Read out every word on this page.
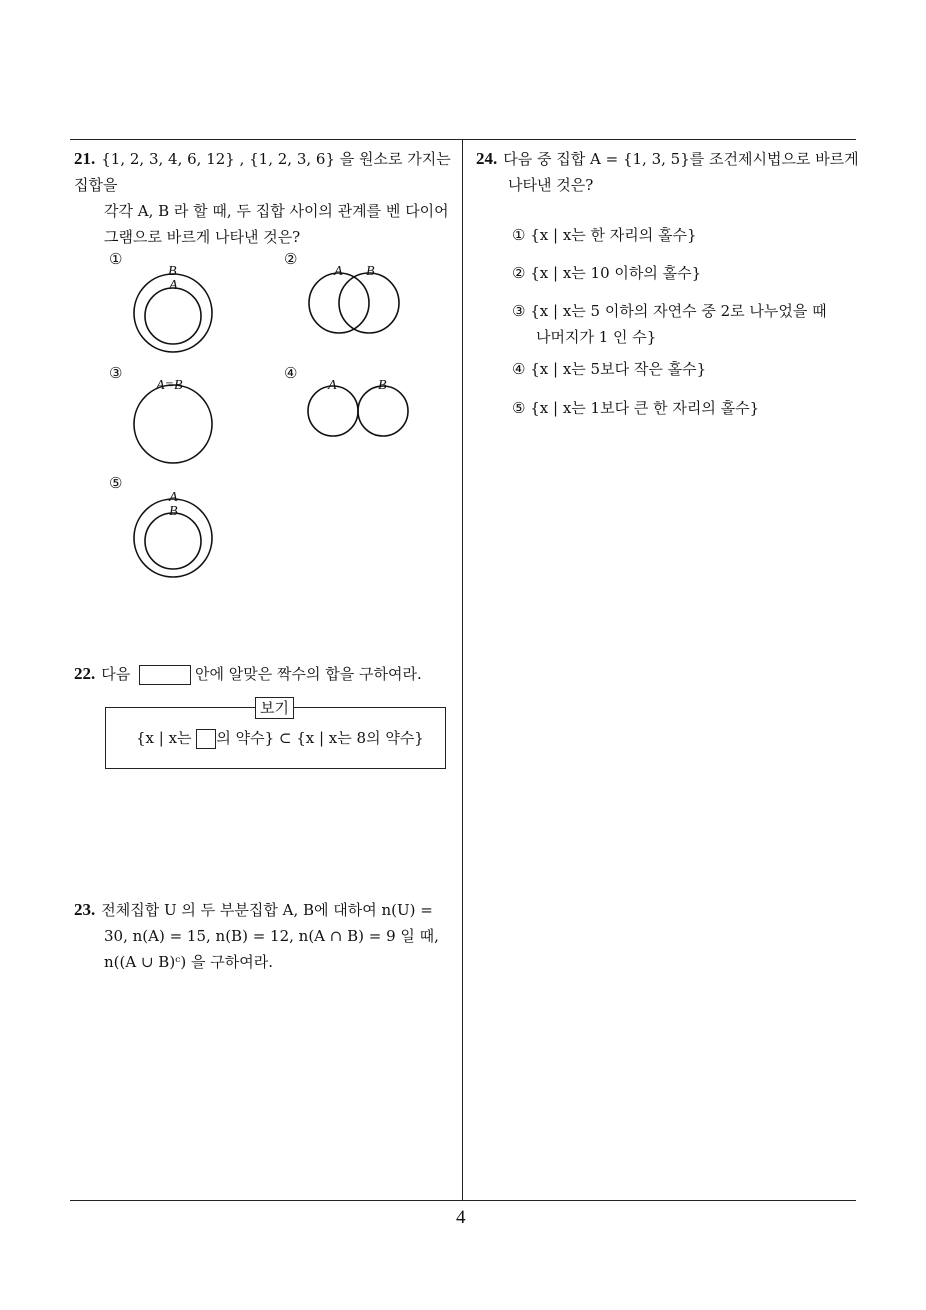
21. {1, 2, 3, 4, 6, 12} , {1, 2, 3, 6} 을 원소로 가지는 집합을
각각 A, B 라 할 때, 두 집합 사이의 관계를 벤 다이어
그램으로 바르게 나타낸 것은?
①
B
A
②
A B
③
A=B
④
A	B
⑤
A
B
22. 다음	안에 알맞은 짝수의 합을 구하여라.
보기
{x | x는 의 약수} ⊂ {x | x는 8의 약수}
23. 전체집합 U 의 두 부분집합 A, B에 대하여 n(U) =
30, n(A) = 15, n(B) = 12, n(A ∩ B) = 9 일 때,
n((A ∪ B)ᶜ) 을 구하여라.
24. 다음 중 집합 A = {1, 3, 5}를 조건제시법으로 바르게
나타낸 것은?
① {x | x는 한 자리의 홀수}
② {x | x는 10 이하의 홀수}
③ {x | x는 5 이하의 자연수 중 2로 나누었을 때
나머지가 1 인 수}
④ {x | x는 5보다 작은 홀수}
⑤ {x | x는 1보다 큰 한 자리의 홀수}
4
